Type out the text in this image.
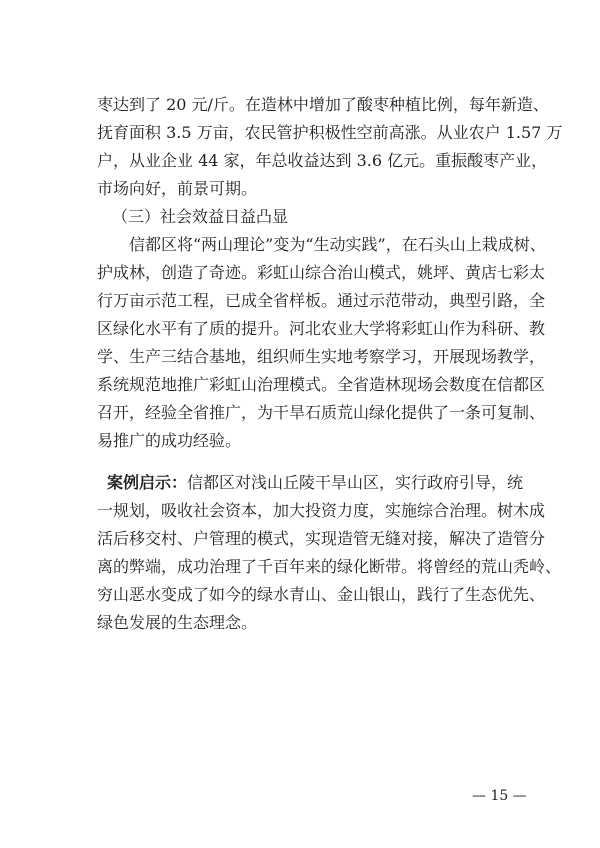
枣达到了 20 元/斤。在造林中增加了酸枣种植比例，每年新造、
抚育面积 3.5 万亩，农民管护积极性空前高涨。从业农户 1.57 万
户，从业企业 44 家，年总收益达到 3.6 亿元。重振酸枣产业，
市场向好，前景可期。
（三）社会效益日益凸显
信都区将“两山理论”变为“生动实践”，在石头山上栽成树、
护成林，创造了奇迹。彩虹山综合治山模式，姚坪、黄店七彩太
行万亩示范工程，已成全省样板。通过示范带动，典型引路，全
区绿化水平有了质的提升。河北农业大学将彩虹山作为科研、教
学、生产三结合基地，组织师生实地考察学习，开展现场教学，
系统规范地推广彩虹山治理模式。全省造林现场会数度在信都区
召开，经验全省推广，为干旱石质荒山绿化提供了一条可复制、
易推广的成功经验。
案例启示：信都区对浅山丘陵干旱山区，实行政府引导，统
一规划，吸收社会资本，加大投资力度，实施综合治理。树木成
活后移交村、户管理的模式，实现造管无缝对接，解决了造管分
离的弊端，成功治理了千百年来的绿化断带。将曾经的荒山秃岭、
穷山恶水变成了如今的绿水青山、金山银山，践行了生态优先、
绿色发展的生态理念。
— 15 —
